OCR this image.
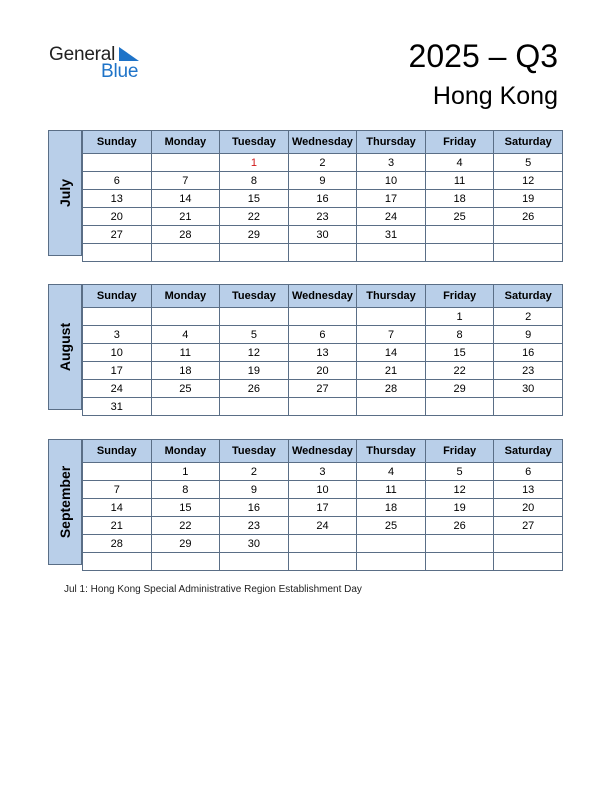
General
Blue	2025 – Q3
Hong Kong
July
Sunday	Monday	Tuesday	Wednesday	Thursday	Friday	Saturday
		1	2	3	4	5
6	7	8	9	10	11	12
13	14	15	16	17	18	19
20	21	22	23	24	25	26
27	28	29	30	31		

August
Sunday	Monday	Tuesday	Wednesday	Thursday	Friday	Saturday
					1	2
3	4	5	6	7	8	9
10	11	12	13	14	15	16
17	18	19	20	21	22	23
24	25	26	27	28	29	30
31						
September
Sunday	Monday	Tuesday	Wednesday	Thursday	Friday	Saturday
	1	2	3	4	5	6
7	8	9	10	11	12	13
14	15	16	17	18	19	20
21	22	23	24	25	26	27
28	29	30				

Jul 1: Hong Kong Special Administrative Region Establishment Day
